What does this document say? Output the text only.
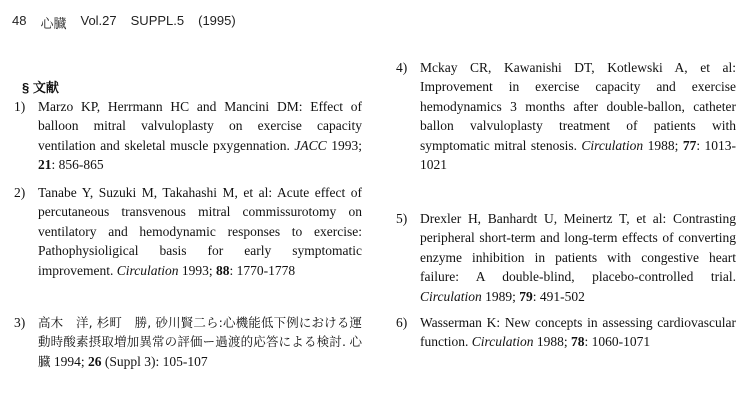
48 心臓 Vol.27 SUPPL.5 (1995)
§ 文献
1) Marzo KP, Herrmann HC and Mancini DM: Effect of balloon mitral valvuloplasty on exercise capacity ventilation and skeletal muscle pxygennation. JACC 1993; 21: 856-865
2) Tanabe Y, Suzuki M, Takahashi M, et al: Acute effect of percutaneous transvenous mitral commissurotomy on ventilatory and hemodynamic responses to exercise: Pathophysioligical basis for early symptomatic improvement. Circulation 1993; 88: 1770-1778
3)	高木　洋, 杉町　勝, 砂川賢二ら:心機能低下例における運動時酸素摂取増加異常の評価ー過渡的応答による検討. 心臓 1994; 26 (Suppl 3): 105-107
4) Mckay CR, Kawanishi DT, Kotlewski A, et al: Improvement in exercise capacity and exercise hemodynamics 3 months after double-ballon, catheter ballon valvuloplasty treatment of patients with symptomatic mitral stenosis. Circulation 1988; 77: 1013-1021
5) Drexler H, Banhardt U, Meinertz T, et al: Contrasting peripheral short-term and long-term effects of converting enzyme inhibition in patients with congestive heart failure: A double-blind, placebo-controlled trial. Circulation 1989; 79: 491-502
6) Wasserman K: New concepts in assessing cardiovascular function. Circulation 1988; 78: 1060-1071
